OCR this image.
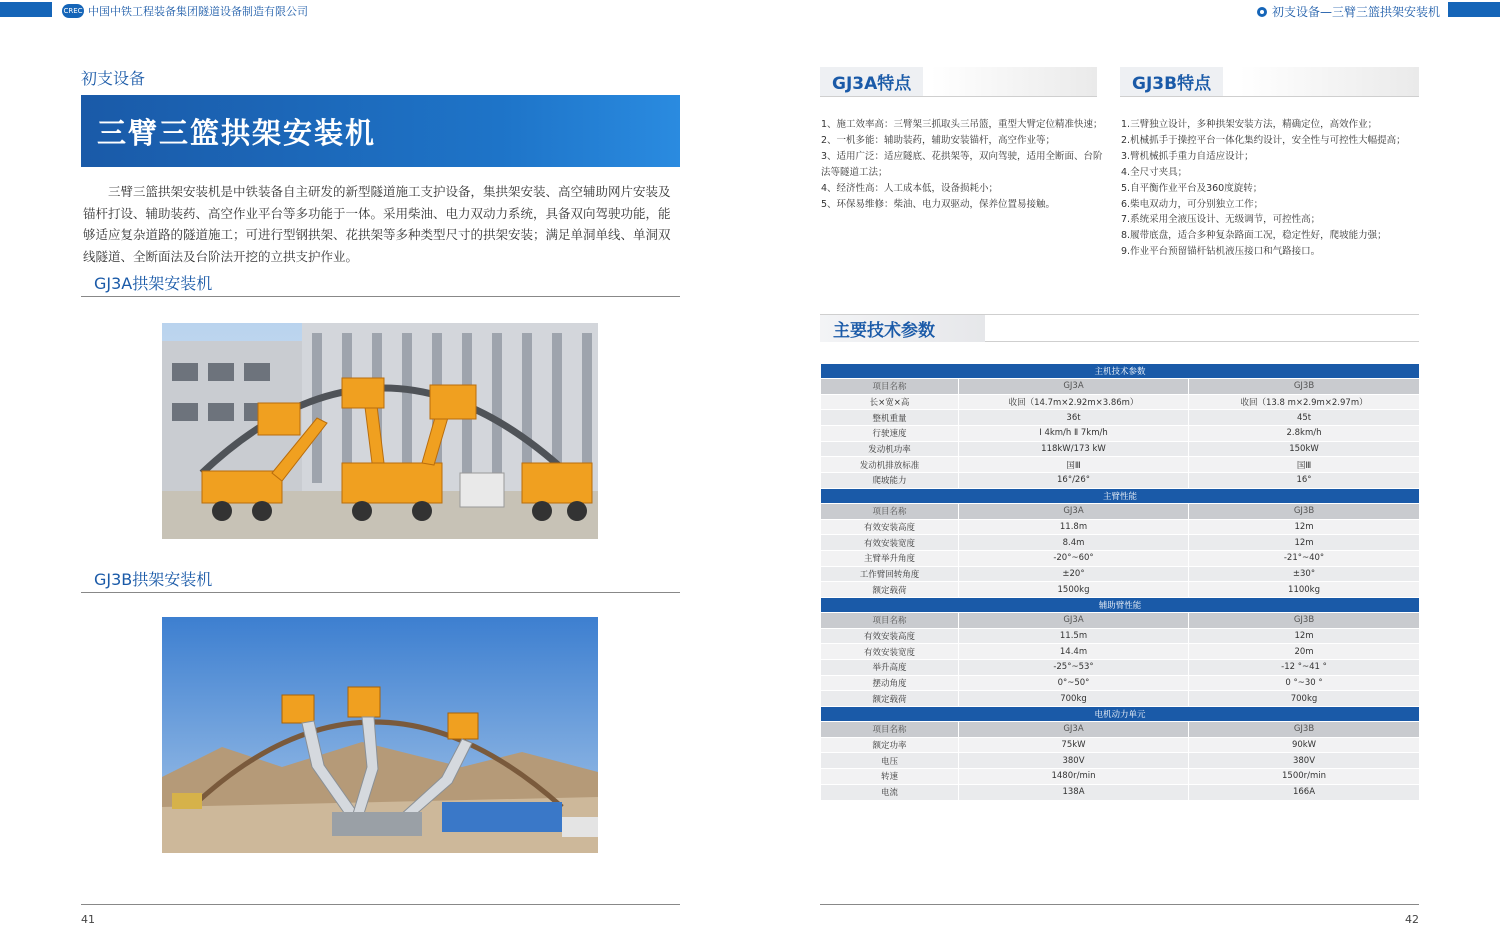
CREC 中国中铁工程装备集团隧道设备制造有限公司	初支设备—三臂三篮拱架安装机
初支设备
三臂三篮拱架安装机

三臂三篮拱架安装机是中铁装备自主研发的新型隧道施工支护设备，集拱架安装、高空辅助网片安装及锚杆打设、辅助装药、高空作业平台等多功能于一体。采用柴油、电力双动力系统，具备双向驾驶功能，能够适应复杂道路的隧道施工；可进行型钢拱架、花拱架等多种类型尺寸的拱架安装；满足单洞单线、单洞双线隧道、全断面法及台阶法开挖的立拱支护作业。

GJ3A拱架安装机
GJ3B拱架安装机
41
GJ3A特点	GJ3B特点
1、施工效率高：三臂架三抓取头三吊篮，重型大臂定位精准快速；
2、一机多能：辅助装药，辅助安装锚杆，高空作业等；
3、适用广泛：适应隧底、花拱架等，双向驾驶，适用全断面、台阶
法等隧道工法；
4、经济性高：人工成本低，设备损耗小；
5、环保易维修：柴油、电力双驱动，保养位置易接触。
1.三臂独立设计，多种拱架安装方法，精确定位，高效作业；
2.机械抓手于操控平台一体化集约设计，安全性与可控性大幅提高；
3.臂机械抓手重力自适应设计；
4.全尺寸夹具；
5.自平衡作业平台及360度旋转；
6.柴电双动力，可分别独立工作；
7.系统采用全液压设计、无级调节，可控性高；
8.履带底盘，适合多种复杂路面工况，稳定性好，爬坡能力强；
9.作业平台预留锚杆钻机液压接口和气路接口。
主要技术参数
主机技术参数		
项目名称	GJ3A	GJ3B
长×宽×高	收回（14.7m×2.92m×3.86m）	收回（13.8 m×2.9m×2.97m）
整机重量	36t	45t
行驶速度	Ⅰ 4km/h Ⅱ 7km/h	2.8km/h
发动机功率	118kW/173 kW	150kW
发动机排放标准	国Ⅲ	国Ⅲ
爬坡能力	16°/26°	16°
主臂性能		
项目名称	GJ3A	GJ3B
有效安装高度	11.8m	12m
有效安装宽度	8.4m	12m
主臂举升角度	-20°~60°	-21°~40°
工作臂回转角度	±20°	±30°
额定载荷	1500kg	1100kg
辅助臂性能		
项目名称	GJ3A	GJ3B
有效安装高度	11.5m	12m
有效安装宽度	14.4m	20m
举升高度	-25°~53°	-12 °~41 °
摆动角度	0°~50°	0 °~30 °
额定载荷	700kg	700kg
电机动力单元		
项目名称	GJ3A	GJ3B
额定功率	75kW	90kW
电压	380V	380V
转速	1480r/min	1500r/min
电流	138A	166A
42
